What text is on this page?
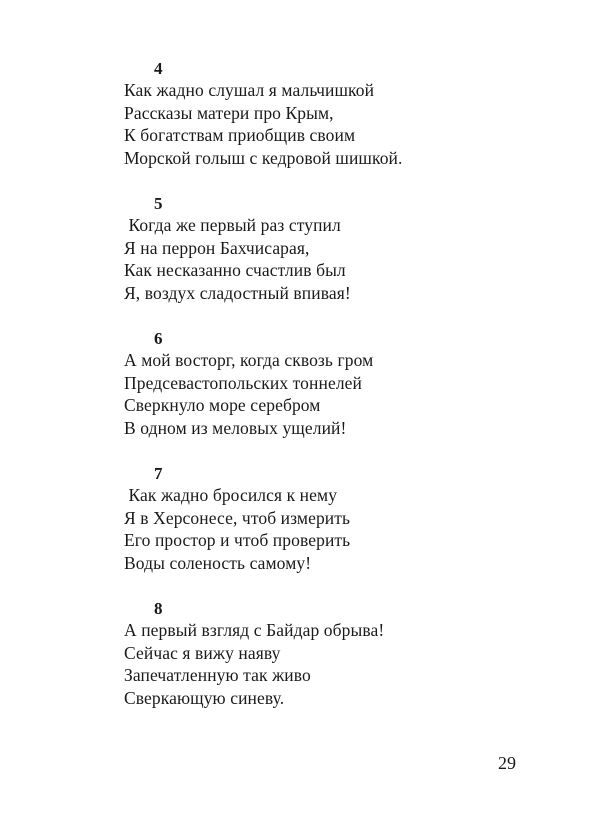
4
Как жадно слушал я мальчишкой
Рассказы матери про Крым,
К богатствам приобщив своим
Морской голыш с кедровой шишкой.
5
Когда же первый раз ступил
Я на перрон Бахчисарая,
Как несказанно счастлив был
Я, воздух сладостный впивая!
6
А мой восторг, когда сквозь гром
Предсевастопольских тоннелей
Сверкнуло море серебром
В одном из меловых ущелий!
7
Как жадно бросился к нему
Я в Херсонесе, чтоб измерить
Его простор и чтоб проверить
Воды соленость самому!
8
А первый взгляд с Байдар обрыва!
Сейчас я вижу наяву
Запечатленную так живо
Сверкающую синеву.
29
